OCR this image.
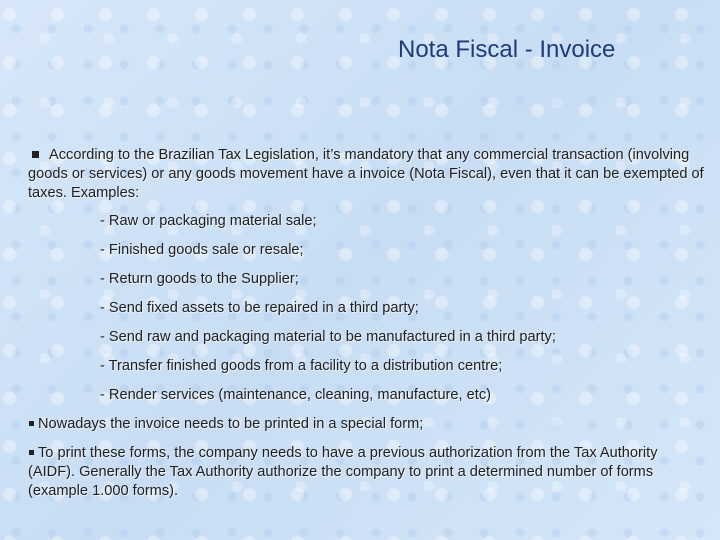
Nota Fiscal - Invoice

According to the Brazilian Tax Legislation, it’s mandatory that any commercial transaction (involving goods or services) or any goods movement have a invoice (Nota Fiscal), even that it can be exempted of taxes. Examples:

- Raw or packaging material sale;
- Finished goods sale or resale;
- Return goods to the Supplier;
- Send fixed assets to be repaired in a third party;
- Send raw and packaging material to be manufactured in a third party;
- Transfer finished goods from a facility to a distribution centre;
- Render services (maintenance, cleaning, manufacture, etc)

Nowadays the invoice needs to be printed in a special form;

To print these forms, the company needs to have a previous authorization from the Tax Authority (AIDF). Generally the Tax Authority authorize the company to print a determined number of forms (example 1.000 forms).
